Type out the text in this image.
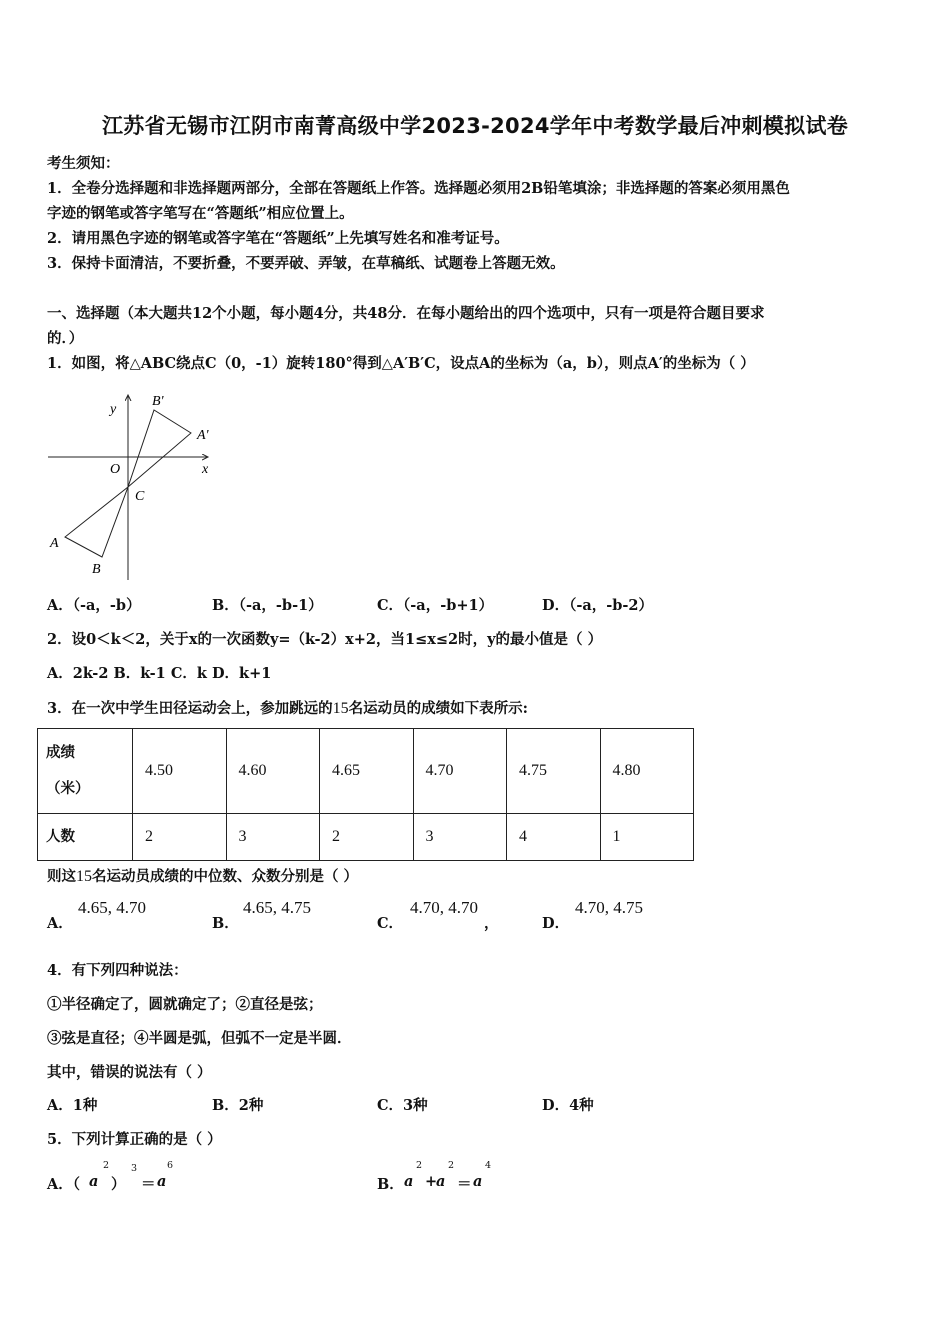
江苏省无锡市江阴市南菁高级中学2023-2024学年中考数学最后冲刺模拟试卷
考生须知：
1．全卷分选择题和非选择题两部分，全部在答题纸上作答。选择题必须用2B铅笔填涂；非选择题的答案必须用黑色
字迹的钢笔或答字笔写在“答题纸”相应位置上。
2．请用黑色字迹的钢笔或答字笔在“答题纸”上先填写姓名和准考证号。
3．保持卡面清洁，不要折叠，不要弄破、弄皱，在草稿纸、试题卷上答题无效。
一、选择题（本大题共12个小题，每小题4分，共48分．在每小题给出的四个选项中，只有一项是符合题目要求
的．）
1．如图，将△ABC绕点C（0，-1）旋转180°得到△A′B′C，设点A的坐标为（a，b），则点A′的坐标为（ ）
y
x
O
C
A
B
A'
B'
A．（-a，-b）	B．（-a，-b-1）	C．（-a，-b+1）	D．（-a，-b-2）
2．设0＜k＜2，关于x的一次函数y=（k-2）x+2，当1≤x≤2时，y的最小值是（ ）
A．2k-2 B．k-1 C．k D．k+1
3．在一次中学生田径运动会上，参加跳远的15名运动员的成绩如下表所示:
成绩
（米）	4.50	4.60	4.65	4.70	4.75	4.80
人数	2	3	2	3	4	1
则这15名运动员成绩的中位数、众数分别是（ ）
A．
4.65, 4.70
B．
4.65, 4.75
C．
4.70, 4.70
，	D．
4.70, 4.75
4．有下列四种说法：
①半径确定了，圆就确定了；②直径是弦；
③弦是直径；④半圆是弧，但弧不一定是半圆．
其中，错误的说法有（ ）
A．1种	B．2种	C．3种	D．4种
5．下列计算正确的是（ ）
A．（ a
2
）
3
＝ a
6
B． a
2
+
a
2
＝ a
4
